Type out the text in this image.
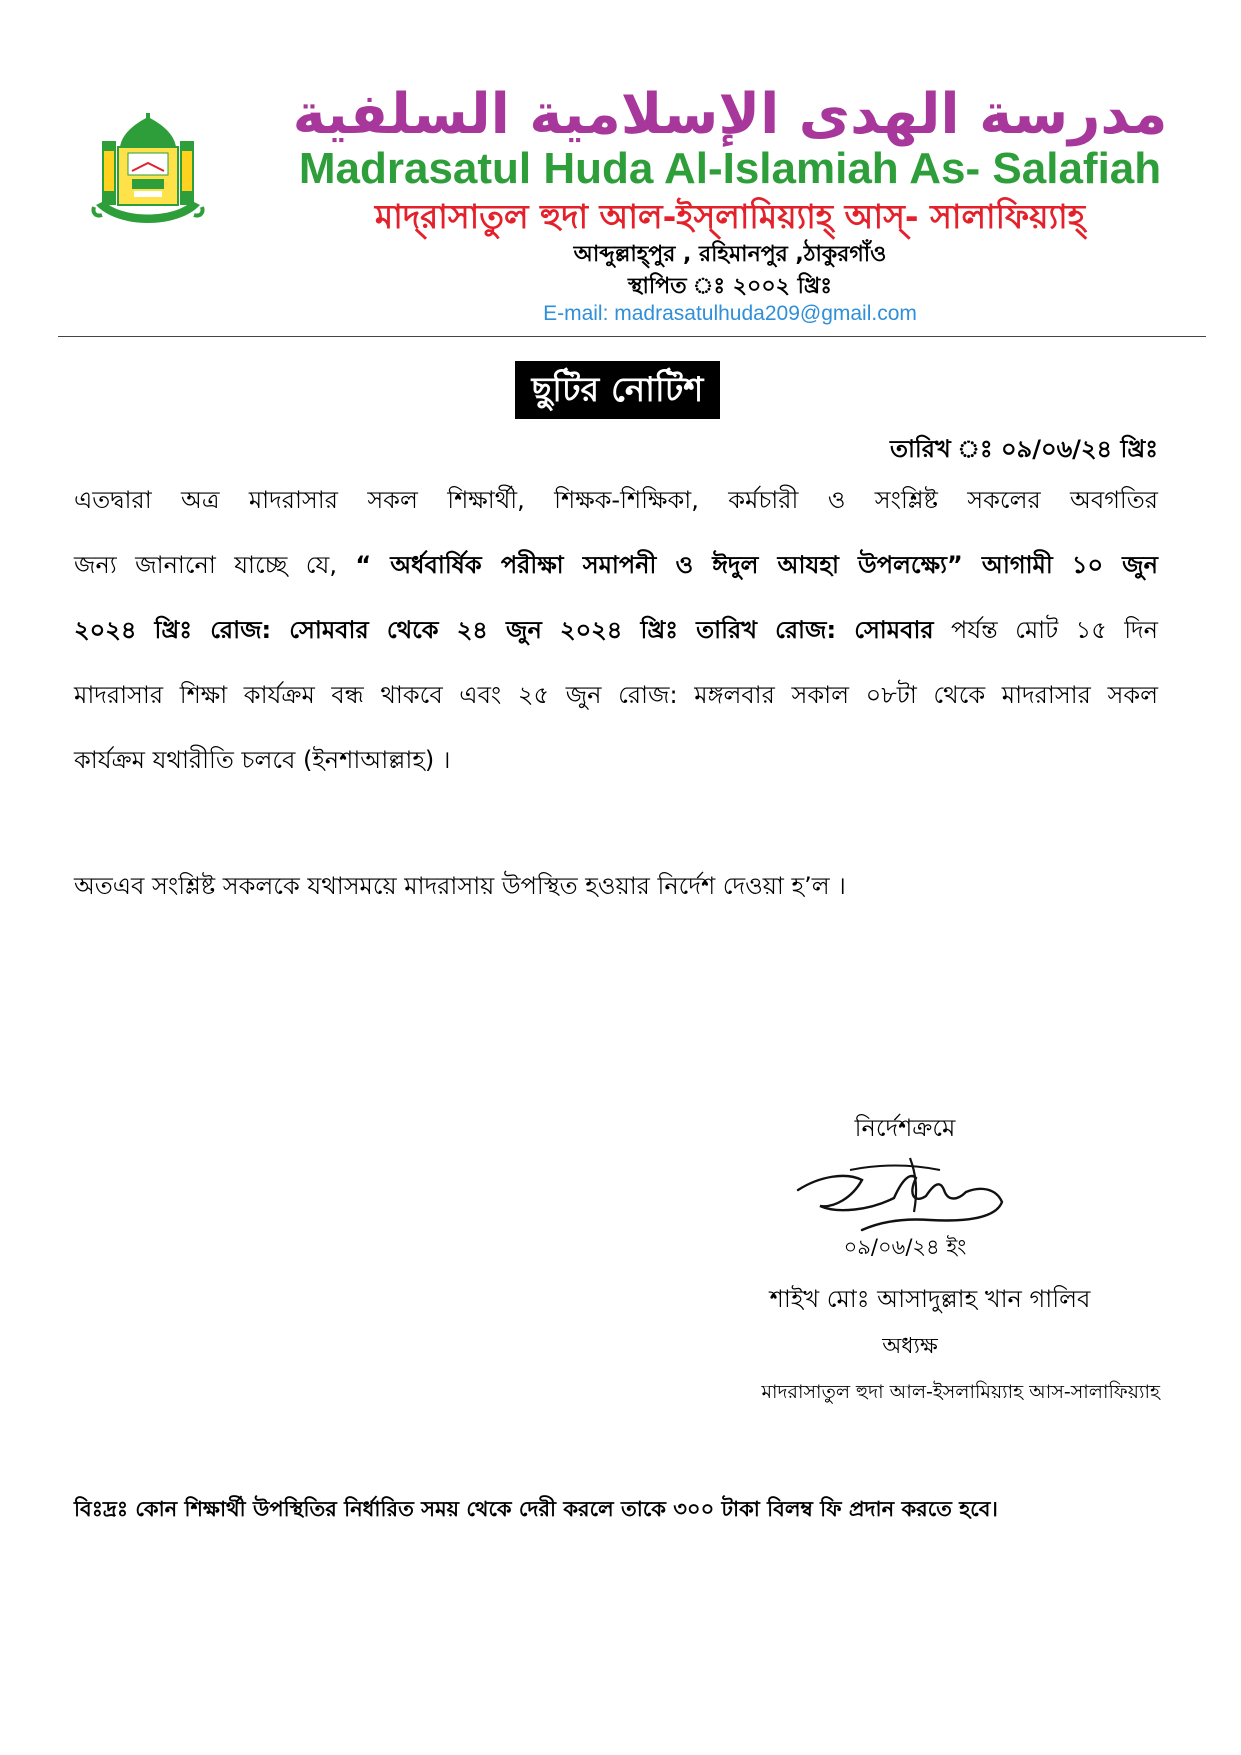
مدرسة الهدى الإسلامية السلفية
Madrasatul Huda Al-Islamiah As- Salafiah
মাদ্‌রাসাতুল হুদা আল-ইস্‌লামিয়্যাহ্‌ আস্‌- সালাফিয়্যাহ্‌
আব্দুল্লাহ্‌পুর , রহিমানপুর ,ঠাকুরগাঁও
স্থাপিত ঃ ২০০২ খ্রিঃ
E-mail: madrasatulhuda209@gmail.com
ছুটির নোটিশ
তারিখ ঃ ০৯/০৬/২৪ খ্রিঃ
এতদ্বারা অত্র মাদরাসার সকল শিক্ষার্থী, শিক্ষক-শিক্ষিকা, কর্মচারী ও সংশ্লিষ্ট সকলের অবগতির
জন্য জানানো যাচ্ছে যে, “ অর্ধবার্ষিক পরীক্ষা সমাপনী ও ঈদুল আযহা উপলক্ষ্যে” আগামী ১০ জুন
২০২৪ খ্রিঃ রোজ: সোমবার থেকে ২৪ জুন ২০২৪ খ্রিঃ তারিখ রোজ: সোমবার পর্যন্ত মোট ১৫ দিন
মাদরাসার শিক্ষা কার্যক্রম বন্ধ থাকবে এবং ২৫ জুন রোজ: মঙ্গলবার সকাল ০৮টা থেকে মাদরাসার সকল
কার্যক্রম যথারীতি চলবে (ইনশাআল্লাহ) ।
অতএব সংশ্লিষ্ট সকলকে যথাসময়ে মাদরাসায় উপস্থিত হওয়ার নির্দেশ দেওয়া হ’ল ।
নির্দেশক্রমে
০৯/০৬/২৪ ইং
শাইখ মোঃ আসাদুল্লাহ খান গালিব
অধ্যক্ষ
মাদরাসাতুল হুদা আল-ইসলামিয়্যাহ আস-সালাফিয়্যাহ
বিঃদ্রঃ কোন শিক্ষার্থী উপস্থিতির নির্ধারিত সময় থেকে দেরী করলে তাকে ৩০০ টাকা বিলম্ব ফি প্রদান করতে হবে।
